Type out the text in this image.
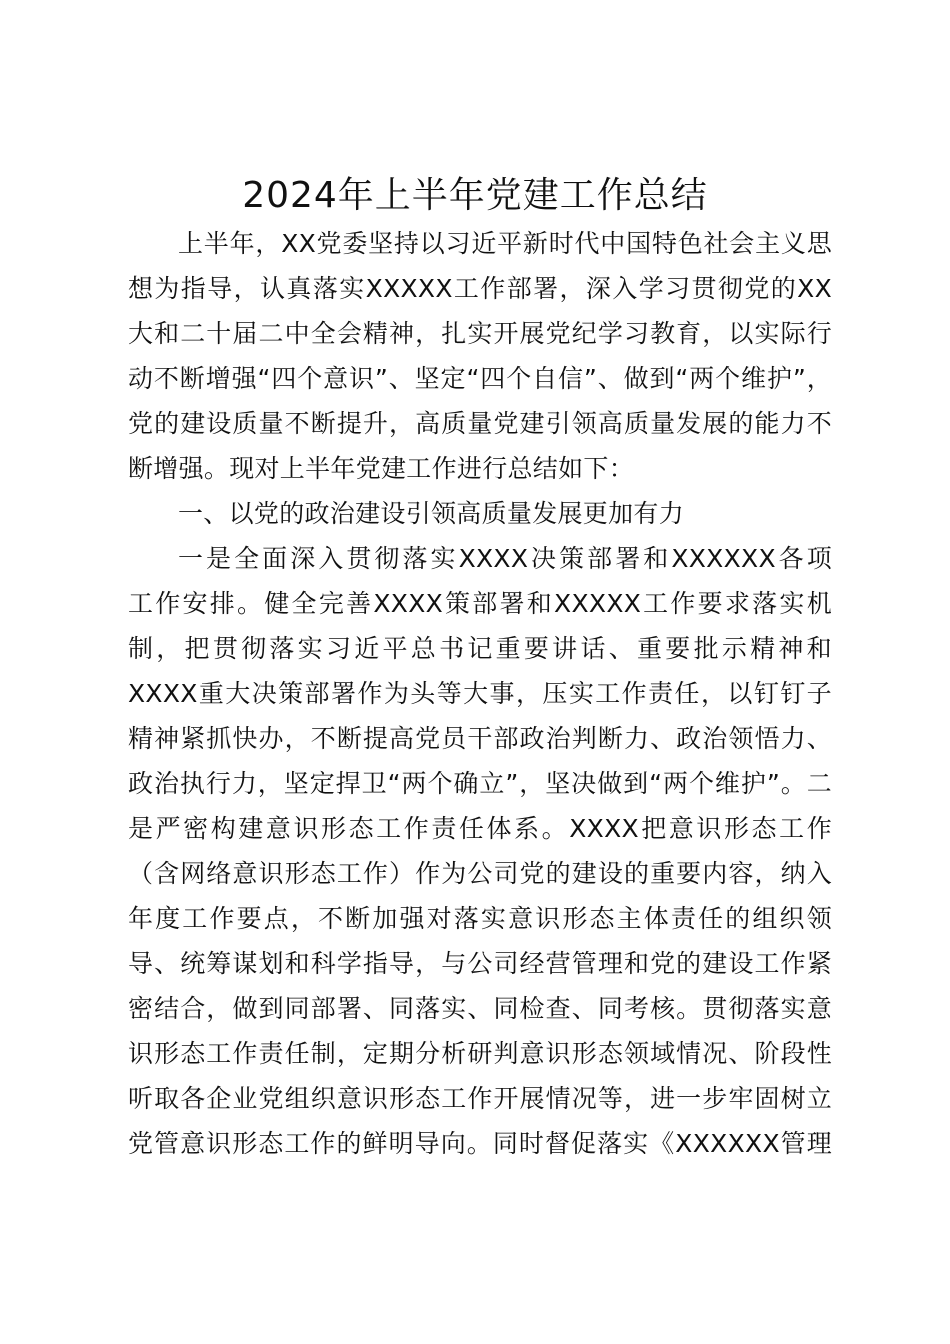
2024年上半年党建工作总结
上半年，XX党委坚持以习近平新时代中国特色社会主义思
想为指导，认真落实XXXXX工作部署，深入学习贯彻党的XX
大和二十届二中全会精神，扎实开展党纪学习教育，以实际行
动不断增强“四个意识”、坚定“四个自信”、做到“两个维护”，
党的建设质量不断提升，高质量党建引领高质量发展的能力不
断增强。现对上半年党建工作进行总结如下：
一、以党的政治建设引领高质量发展更加有力
一是全面深入贯彻落实XXXX决策部署和XXXXXX各项
工作安排。健全完善XXXX策部署和XXXXX工作要求落实机
制，把贯彻落实习近平总书记重要讲话、重要批示精神和
XXXX重大决策部署作为头等大事，压实工作责任，以钉钉子
精神紧抓快办，不断提高党员干部政治判断力、政治领悟力、
政治执行力，坚定捍卫“两个确立”，坚决做到“两个维护”。二
是严密构建意识形态工作责任体系。XXXX把意识形态工作
（含网络意识形态工作）作为公司党的建设的重要内容，纳入
年度工作要点，不断加强对落实意识形态主体责任的组织领
导、统筹谋划和科学指导，与公司经营管理和党的建设工作紧
密结合，做到同部署、同落实、同检查、同考核。贯彻落实意
识形态工作责任制，定期分析研判意识形态领域情况、阶段性
听取各企业党组织意识形态工作开展情况等，进一步牢固树立
党管意识形态工作的鲜明导向。同时督促落实《XXXXXX管理
